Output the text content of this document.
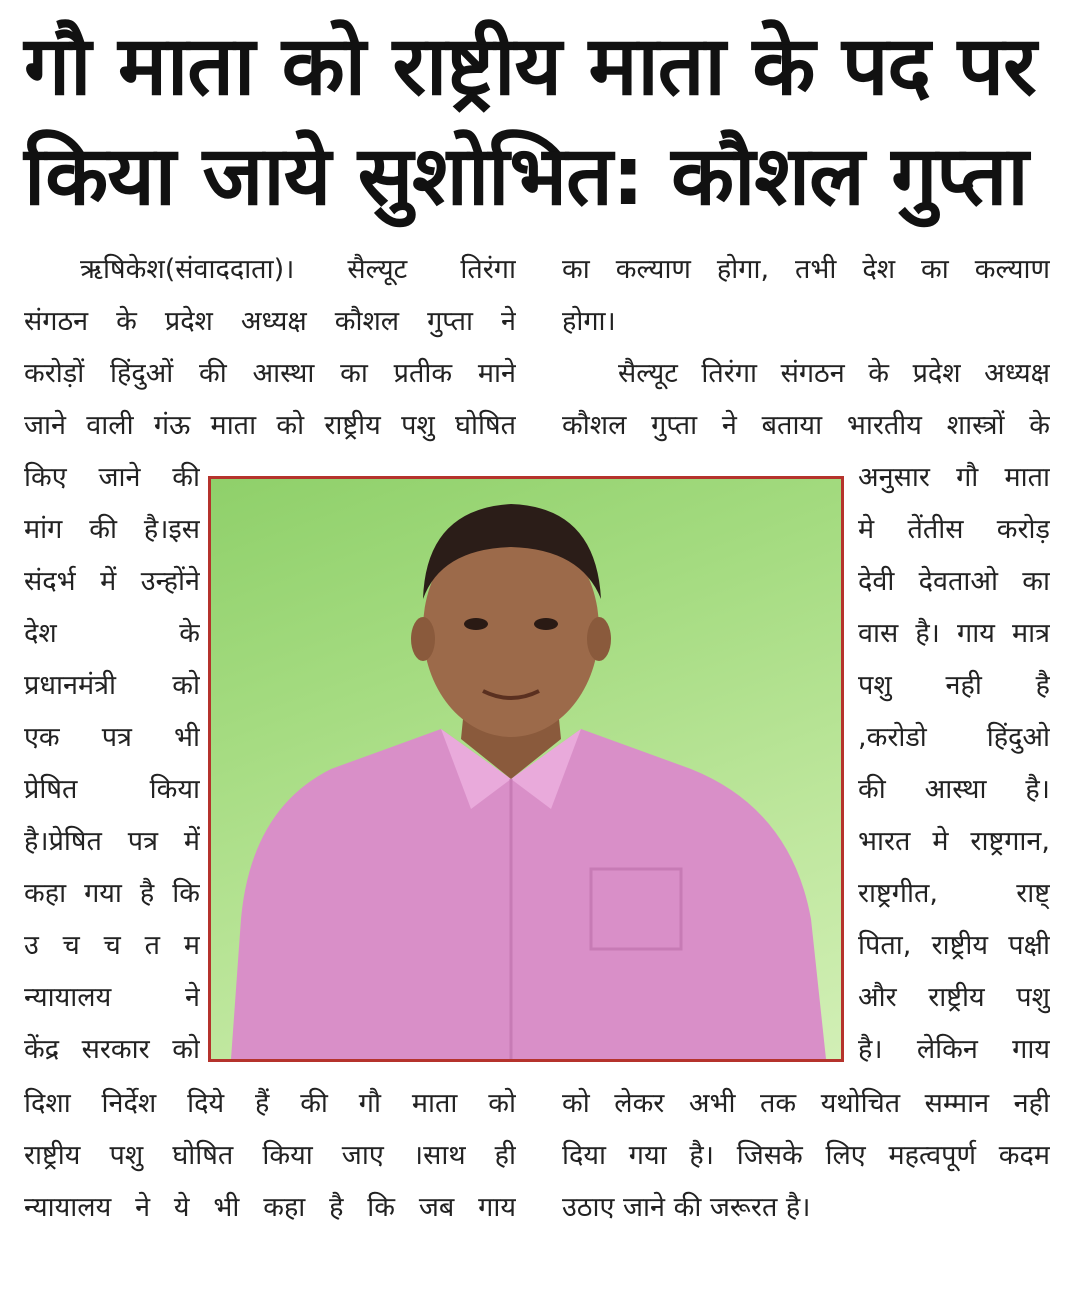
गौ माता को राष्ट्रीय माता के पद पर
किया जाये सुशोभित: कौशल गुप्ता
ऋषिकेश(संवाददाता)। सैल्यूट तिरंगा
संगठन के प्रदेश अध्यक्ष कौशल गुप्ता ने
करोड़ों हिंदुओं की आस्था का प्रतीक माने
जाने वाली गंऊ माता को राष्ट्रीय पशु घोषित
किए जाने की
मांग की है।इस
संदर्भ में उन्होंने
देश के
प्रधानमंत्री को
एक पत्र भी
प्रेषित किया
है।प्रेषित पत्र में
कहा गया है कि
उ च च त म
न्यायालय ने
केंद्र सरकार को
दिशा निर्देश दिये हैं की गौ माता को
राष्ट्रीय पशु घोषित किया जाए ।साथ ही
न्यायालय ने ये भी कहा है कि जब गाय
का कल्याण होगा, तभी देश का कल्याण
होगा।
सैल्यूट तिरंगा संगठन के प्रदेश अध्यक्ष
कौशल गुप्ता ने बताया भारतीय शास्त्रों के
अनुसार गौ माता
मे तेंतीस करोड़
देवी देवताओ का
वास है। गाय मात्र
पशु नही है
,करोडो हिंदुओ
की आस्था है।
भारत मे राष्ट्रगान,
राष्ट्रगीत, राष्ट्
पिता, राष्ट्रीय पक्षी
और राष्ट्रीय पशु
है। लेकिन गाय
को लेकर अभी तक यथोचित सम्मान नही
दिया गया है। जिसके लिए महत्वपूर्ण कदम
उठाए जाने की जरूरत है।
